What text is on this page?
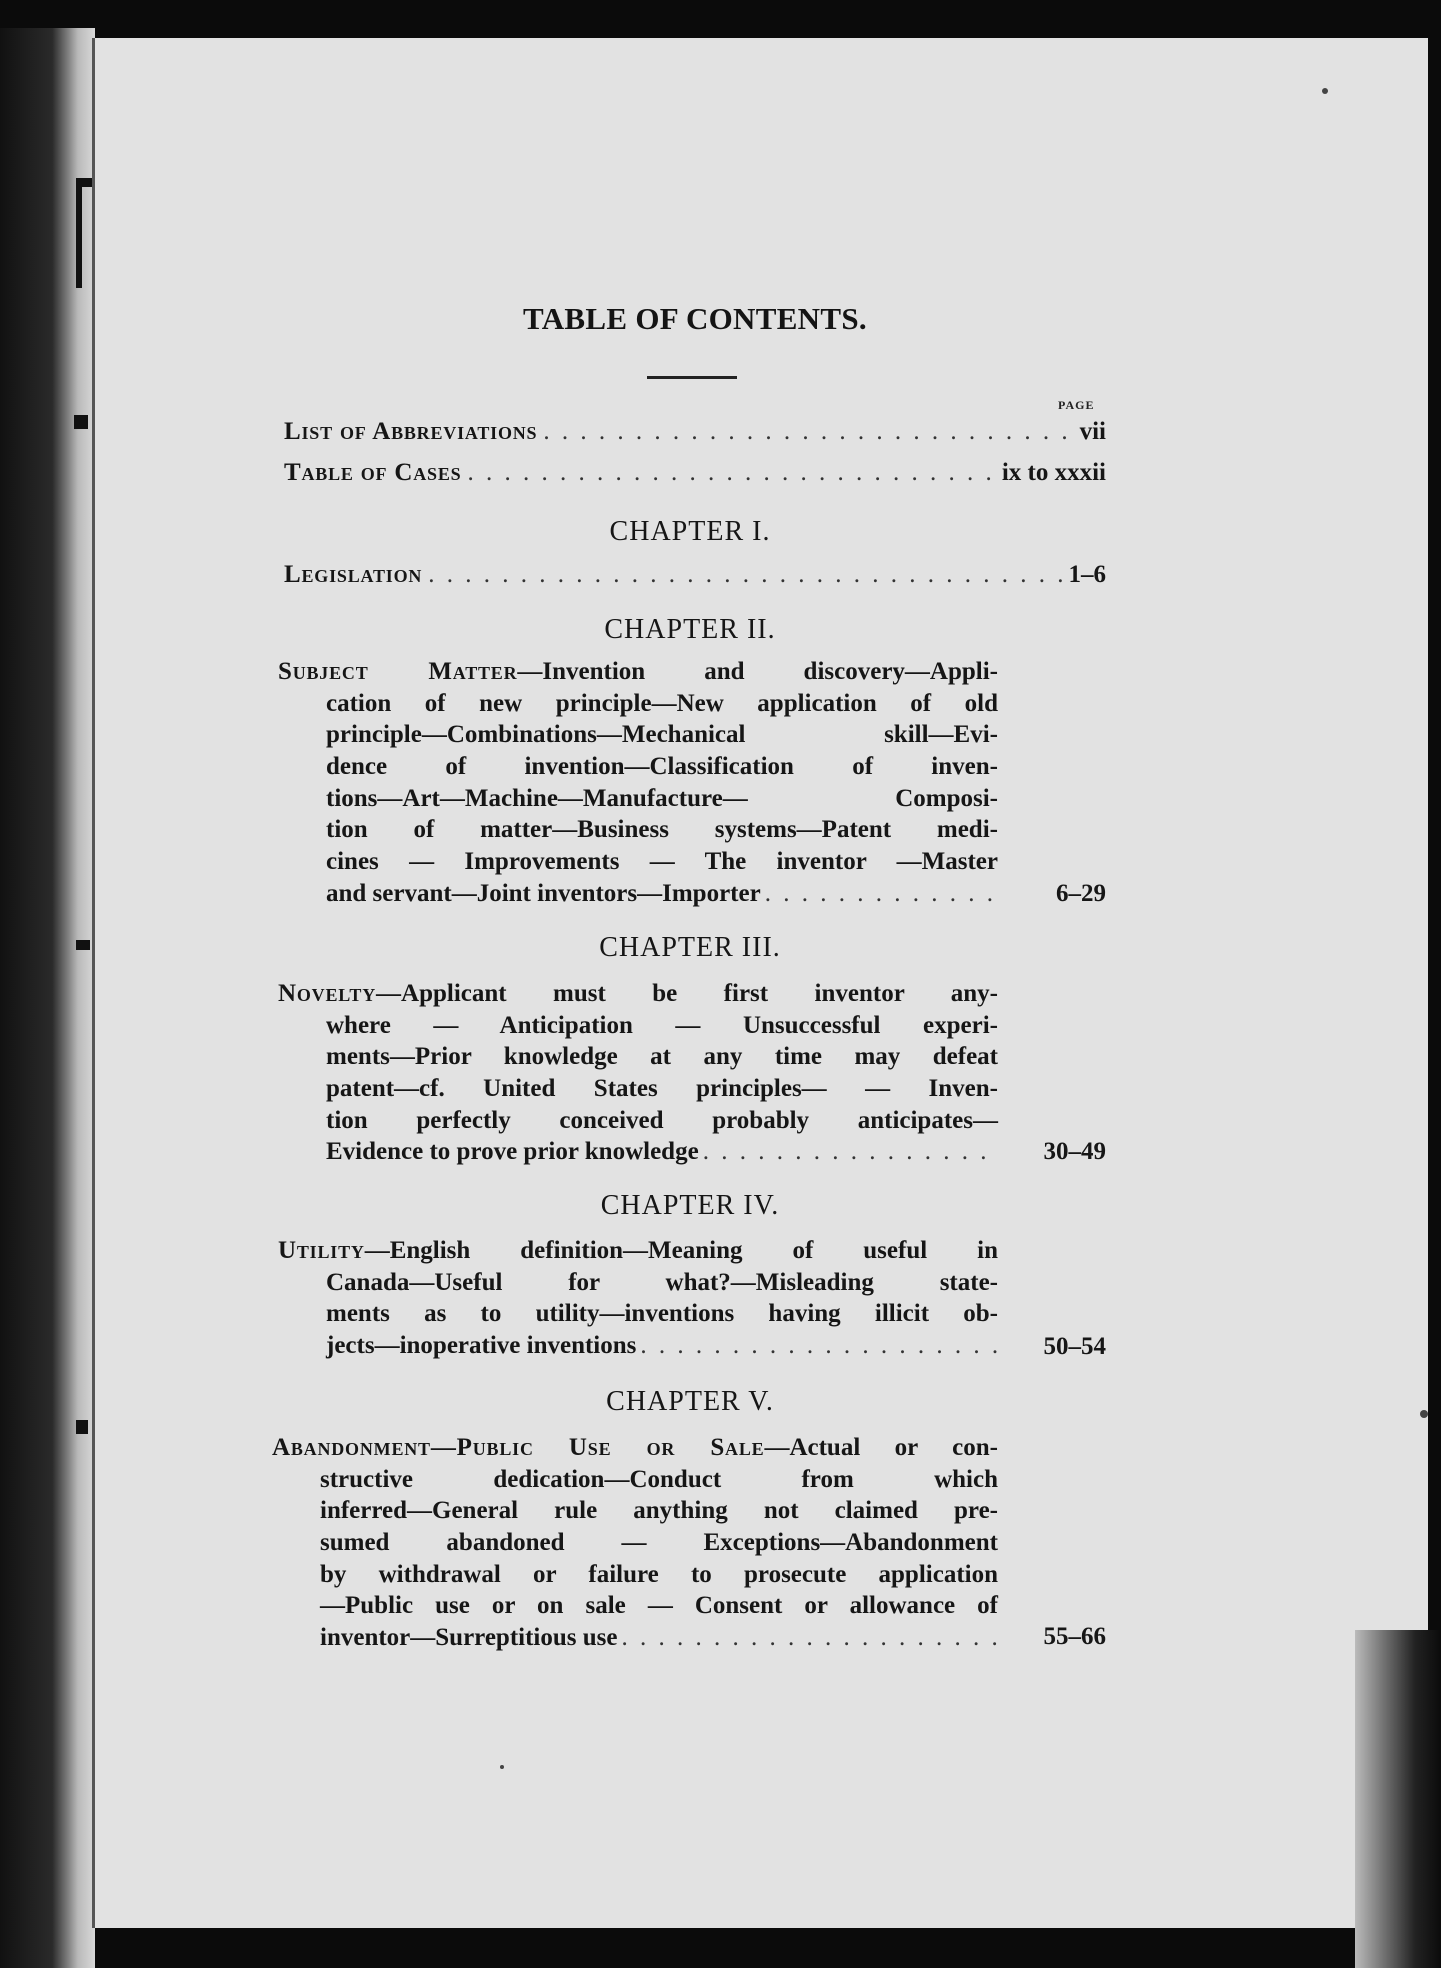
TABLE OF CONTENTS.
PAGE
List of Abbreviations . . .	vii
Table of Cases . . .	ix to xxxii
CHAPTER I.
Legislation . . .	1–6
CHAPTER II.
Subject Matter—Invention and discovery—Appli-
cation of new principle—New application of old
principle—Combinations—Mechanical skill—Evi-
dence of invention—Classification of inven-
tions—Art—Machine—Manufacture— Composi-
tion of matter—Business systems—Patent medi-
cines — Improvements — The inventor —Master
and servant—Joint inventors—Importer . . .	6–29
CHAPTER III.
Novelty—Applicant must be first inventor any-
where — Anticipation — Unsuccessful experi-
ments—Prior knowledge at any time may defeat
patent—cf. United States principles— — Inven-
tion perfectly conceived probably anticipates—
Evidence to prove prior knowledge . . .	30–49
CHAPTER IV.
Utility—English definition—Meaning of useful in
Canada—Useful for what?—Misleading state-
ments as to utility—inventions having illicit ob-
jects—inoperative inventions . . .	50–54
CHAPTER V.
Abandonment—Public Use or Sale—Actual or con-
structive dedication—Conduct from which
inferred—General rule anything not claimed pre-
sumed abandoned — Exceptions—Abandonment
by withdrawal or failure to prosecute application
—Public use or on sale — Consent or allowance of
inventor—Surreptitious use . . .	55–66
